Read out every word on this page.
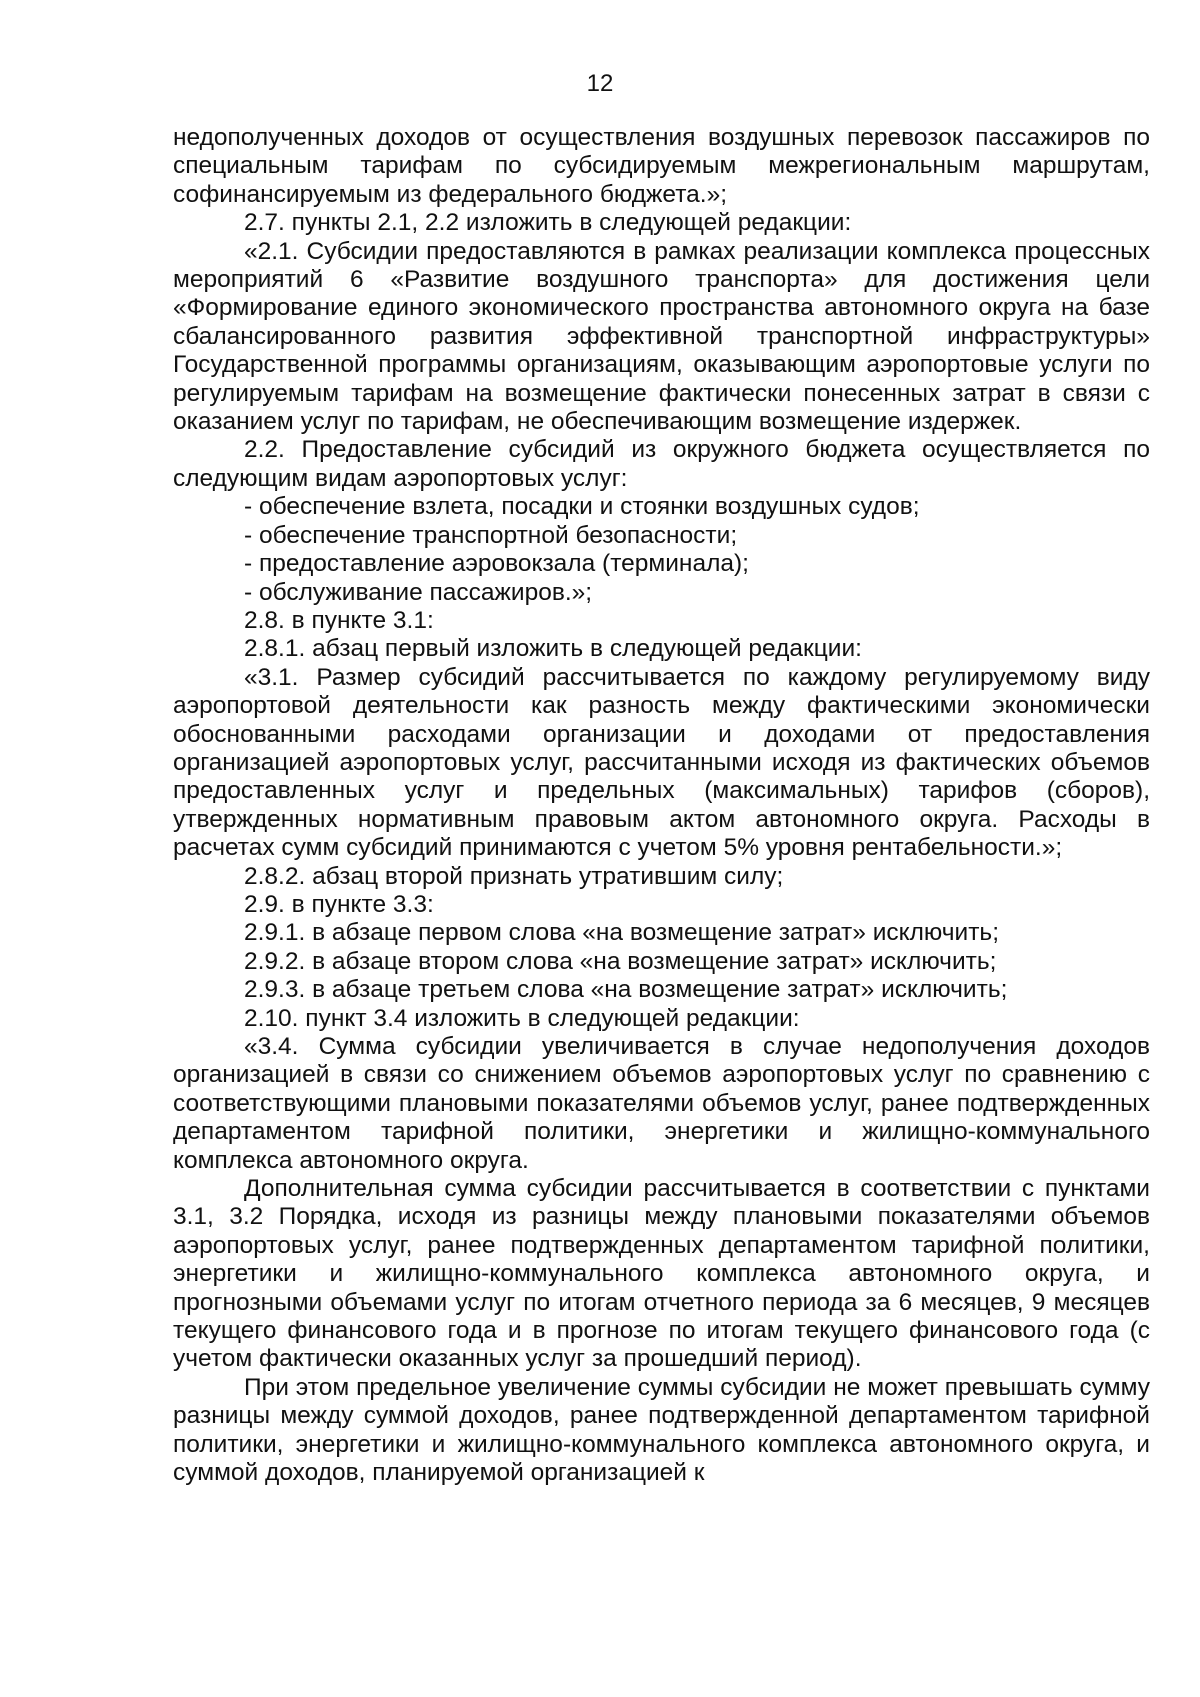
12

недополученных доходов от осуществления воздушных перевозок пассажиров по специальным тарифам по субсидируемым межрегиональным маршрутам, софинансируемым из федерального бюджета.»;

2.7. пункты 2.1, 2.2 изложить в следующей редакции:

«2.1. Субсидии предоставляются в рамках реализации комплекса процессных мероприятий 6 «Развитие воздушного транспорта» для достижения цели «Формирование единого экономического пространства автономного округа на базе сбалансированного развития эффективной транспортной инфраструктуры» Государственной программы организациям, оказывающим аэропортовые услуги по регулируемым тарифам на возмещение фактически понесенных затрат в связи с оказанием услуг по тарифам, не обеспечивающим возмещение издержек.

2.2. Предоставление субсидий из окружного бюджета осуществляется по следующим видам аэропортовых услуг:

- обеспечение взлета, посадки и стоянки воздушных судов;

- обеспечение транспортной безопасности;

- предоставление аэровокзала (терминала);

- обслуживание пассажиров.»;

2.8. в пункте 3.1:

2.8.1. абзац первый изложить в следующей редакции:

«3.1. Размер субсидий рассчитывается по каждому регулируемому виду аэропортовой деятельности как разность между фактическими экономически обоснованными расходами организации и доходами от предоставления организацией аэропортовых услуг, рассчитанными исходя из фактических объемов предоставленных услуг и предельных (максимальных) тарифов (сборов), утвержденных нормативным правовым актом автономного округа. Расходы в расчетах сумм субсидий принимаются с учетом 5% уровня рентабельности.»;

2.8.2. абзац второй признать утратившим силу;

2.9. в пункте 3.3:

2.9.1. в абзаце первом слова «на возмещение затрат» исключить;

2.9.2. в абзаце втором слова «на возмещение затрат» исключить;

2.9.3. в абзаце третьем слова «на возмещение затрат» исключить;

2.10. пункт 3.4 изложить в следующей редакции:

«3.4. Сумма субсидии увеличивается в случае недополучения доходов организацией в связи со снижением объемов аэропортовых услуг по сравнению с соответствующими плановыми показателями объемов услуг, ранее подтвержденных департаментом тарифной политики, энергетики и жилищно-коммунального комплекса автономного округа.

Дополнительная сумма субсидии рассчитывается в соответствии с пунктами 3.1, 3.2 Порядка, исходя из разницы между плановыми показателями объемов аэропортовых услуг, ранее подтвержденных департаментом тарифной политики, энергетики и жилищно-коммунального комплекса автономного округа, и прогнозными объемами услуг по итогам отчетного периода за 6 месяцев, 9 месяцев текущего финансового года и в прогнозе по итогам текущего финансового года (с учетом фактически оказанных услуг за прошедший период).

При этом предельное увеличение суммы субсидии не может превышать сумму разницы между суммой доходов, ранее подтвержденной департаментом тарифной политики, энергетики и жилищно-коммунального комплекса автономного округа, и суммой доходов, планируемой организацией к
